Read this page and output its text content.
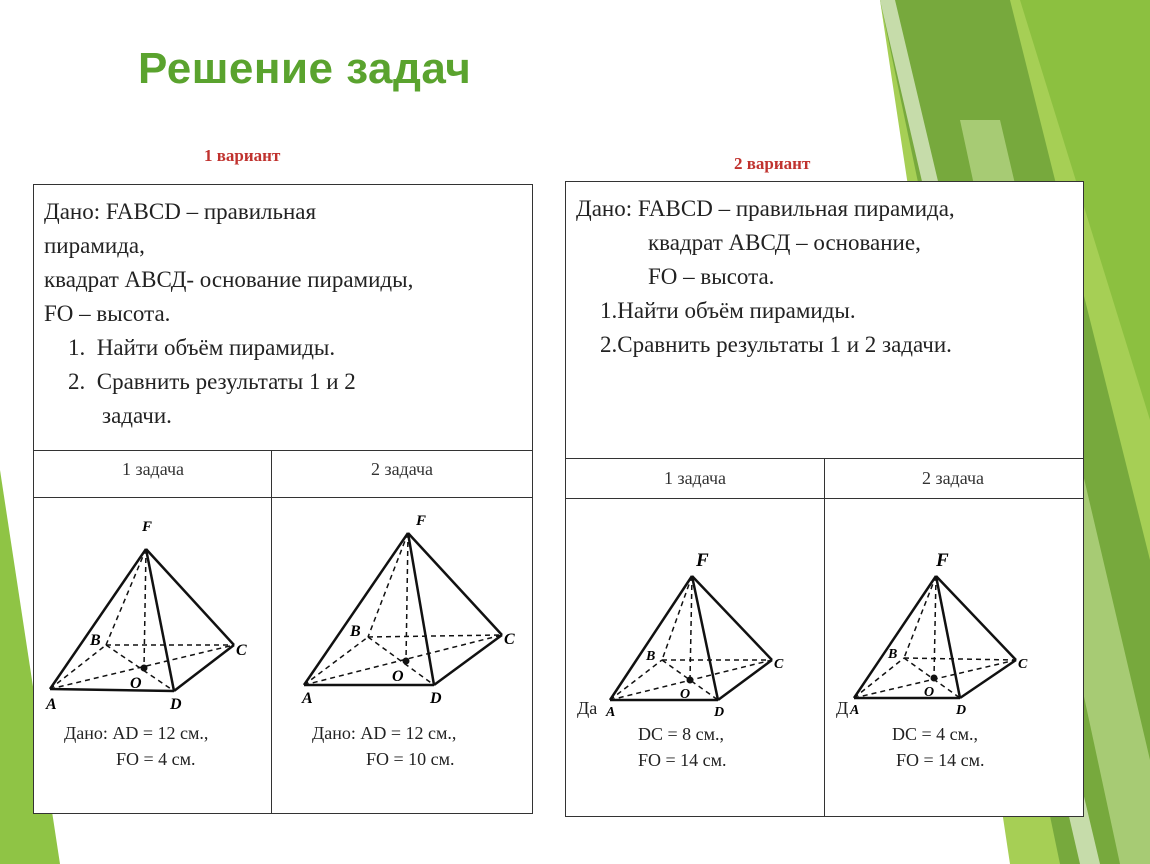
Решение задач
1 вариант	2 вариант
Дано: FABCD – правильная
пирамида,
квадрат АВСД- основание пирамиды,
FO – высота.
1. Найти объём пирамиды.
2. Сравнить результаты 1 и 2
задачи.
1 задача	2 задача
F
A
B
C
D
O
Дано: AD = 12 см.,
FO = 4 см.
F
A
B	C
D
O
Дано: AD = 12 см.,
FO = 10 см.
Дано: FABCD – правильная пирамида,
квадрат АВСД – основание,
FO – высота.
1.Найти объём пирамиды.
2.Сравнить результаты 1 и 2 задачи.
1 задача	2 задача
F
A
B
C
D
O
Да
DC = 8 см.,
FO = 14 см.
F
A
B
C
D
O
Д
DC = 4 см.,
FO = 14 см.
